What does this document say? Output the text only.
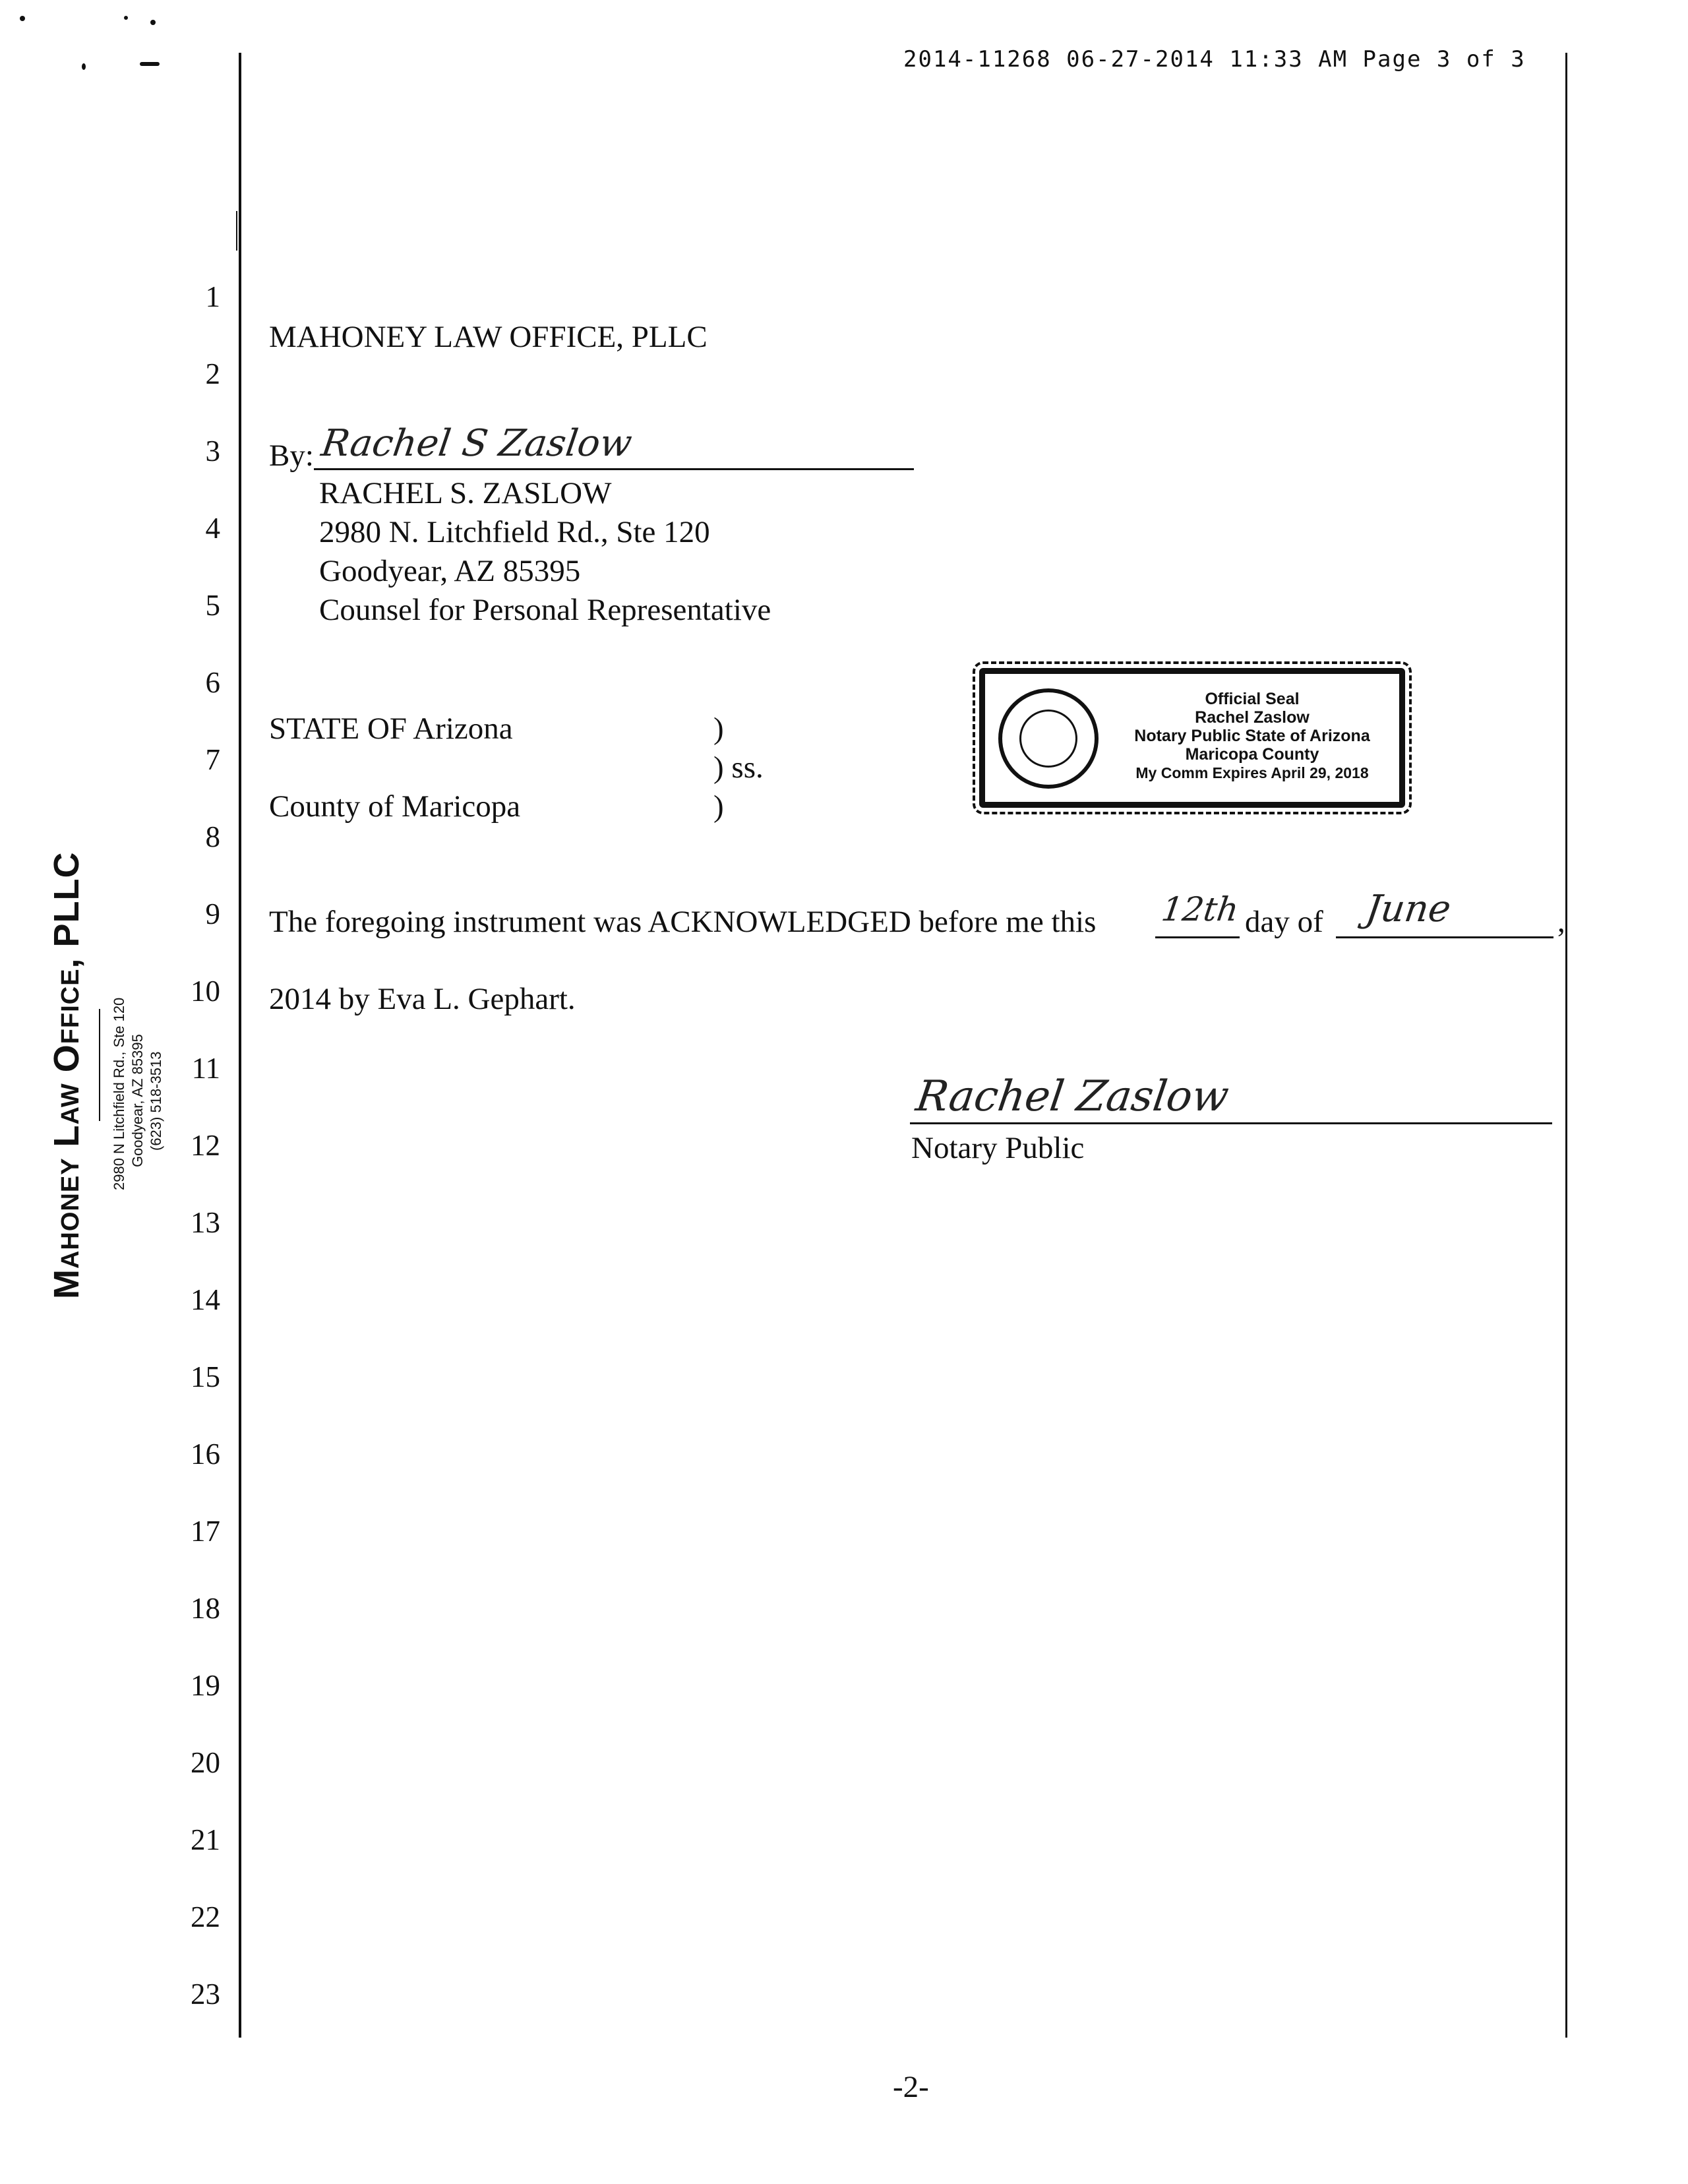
2014-11268 06-27-2014 11:33 AM Page 3 of 3
Mahoney Law Office, PLLC 2980 N Litchfield Rd., Ste 120 Goodyear, AZ 85395 (623) 518-3513
1
2
3
4
5
6
7
8
9
10
11
12
13
14
15
16
17
18
19
20
21
22
23
MAHONEY LAW OFFICE, PLLC
By: Rachel S Zaslow
RACHEL S. ZASLOW
2980 N. Litchfield Rd., Ste 120
Goodyear, AZ 85395
Counsel for Personal Representative
STATE OF Arizona	)
) ss.
County of Maricopa	)
Official Seal
Rachel Zaslow
Notary Public State of Arizona
Maricopa County
My Comm Expires April 29, 2018
The foregoing instrument was ACKNOWLEDGED before me this 12th day of June	,
2014 by Eva L. Gephart.
Rachel Zaslow
Notary Public
-2-
